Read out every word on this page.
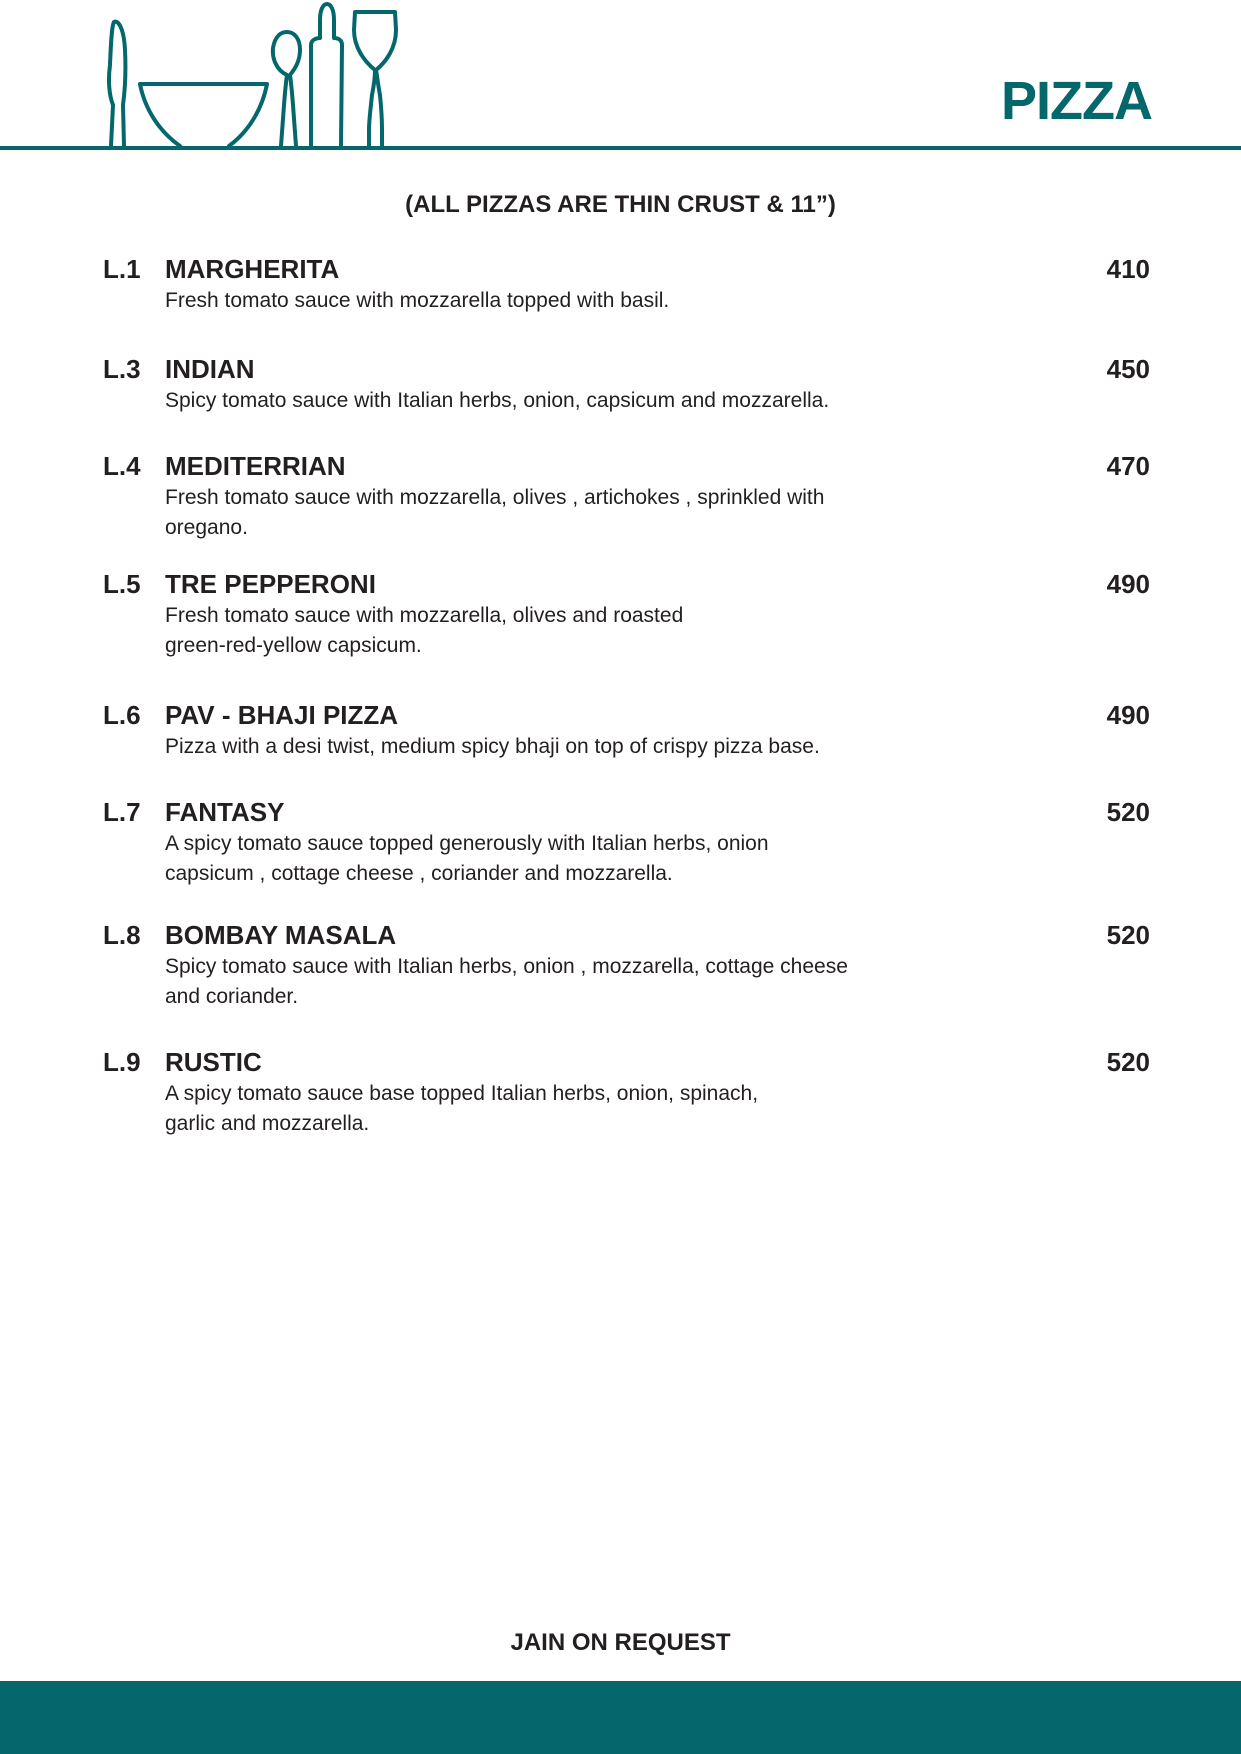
PIZZA
(ALL PIZZAS ARE THIN CRUST & 11”)
L.1 MARGHERITA	410
Fresh tomato sauce with mozzarella topped with basil.
L.3 INDIAN	450
Spicy tomato sauce with Italian herbs, onion, capsicum and mozzarella.
L.4 MEDITERRIAN	470
Fresh tomato sauce with mozzarella, olives , artichokes , sprinkled with
oregano.
L.5 TRE PEPPERONI	490
Fresh tomato sauce with mozzarella, olives and roasted
green-red-yellow capsicum.
L.6 PAV - BHAJI PIZZA	490
Pizza with a desi twist, medium spicy bhaji on top of crispy pizza base.
L.7 FANTASY	520
A spicy tomato sauce topped generously with Italian herbs, onion
capsicum , cottage cheese , coriander and mozzarella.
L.8 BOMBAY MASALA	520
Spicy tomato sauce with Italian herbs, onion , mozzarella, cottage cheese
and coriander.
L.9 RUSTIC	520
A spicy tomato sauce base topped Italian herbs, onion, spinach,
garlic and mozzarella.
JAIN ON REQUEST
